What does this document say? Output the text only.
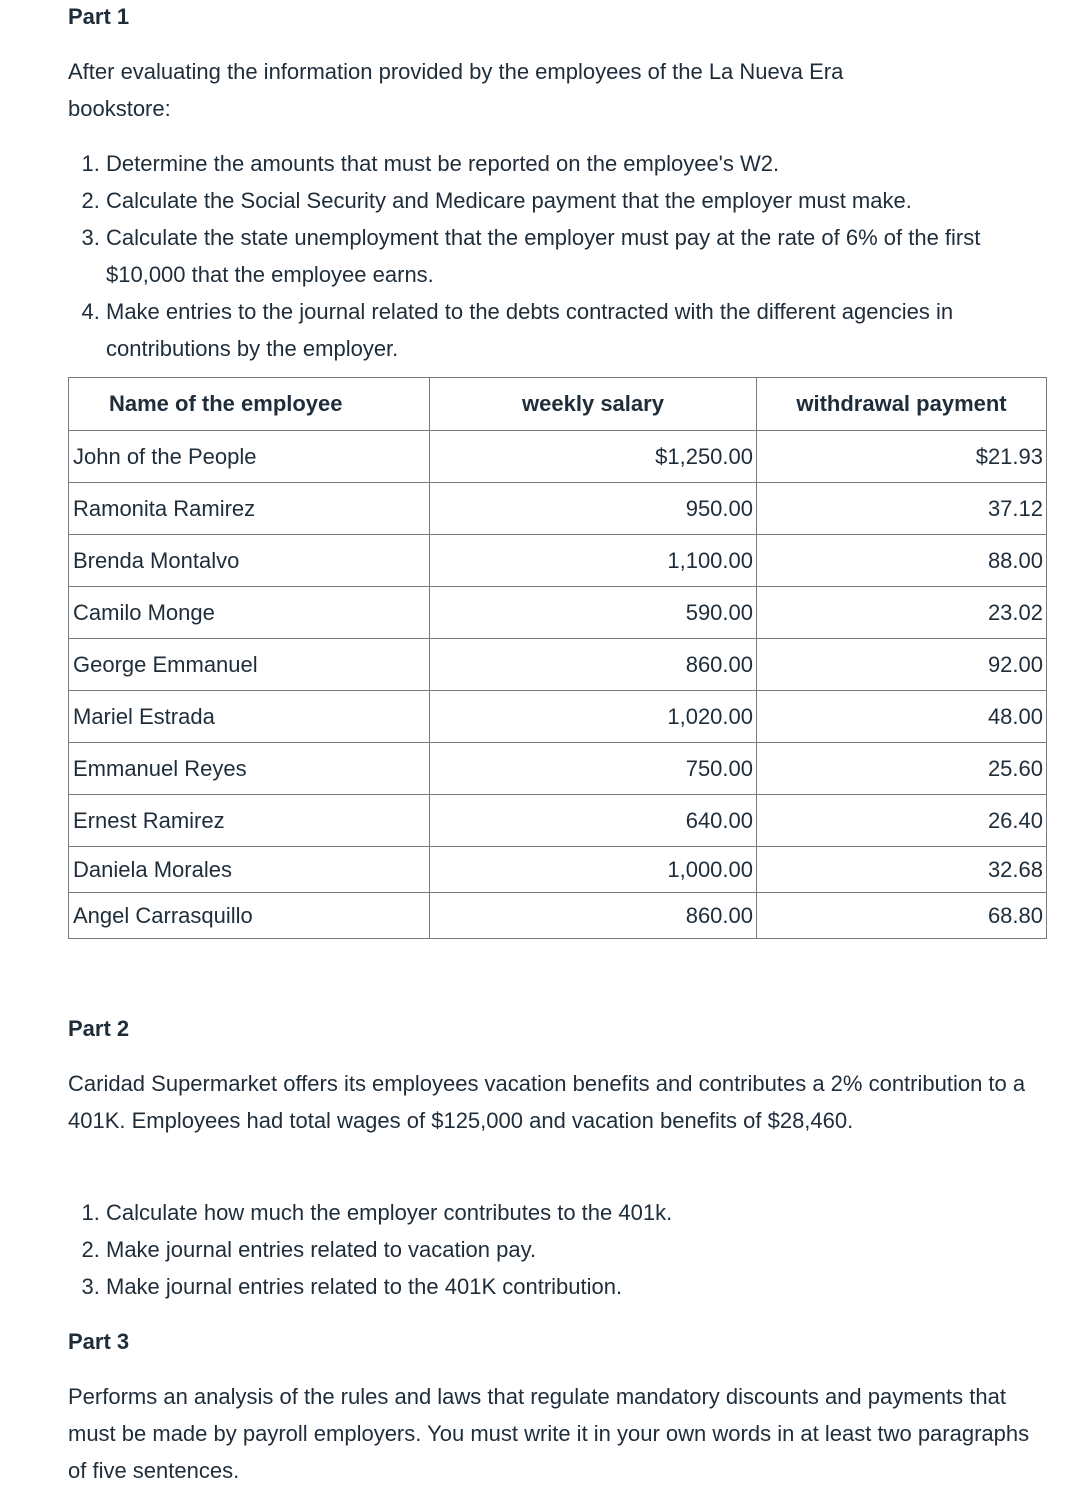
Part 1

After evaluating the information provided by the employees of the La Nueva Era bookstore:

1. Determine the amounts that must be reported on the employee's W2.
2. Calculate the Social Security and Medicare payment that the employer must make.
3. Calculate the state unemployment that the employer must pay at the rate of 6% of the first $10,000 that the employee earns.
4. Make entries to the journal related to the debts contracted with the different agencies in contributions by the employer.
Name of the employee	weekly salary	withdrawal payment
John of the People	$1,250.00	$21.93
Ramonita Ramirez	950.00	37.12
Brenda Montalvo	1,100.00	88.00
Camilo Monge	590.00	23.02
George Emmanuel	860.00	92.00
Mariel Estrada	1,020.00	48.00
Emmanuel Reyes	750.00	25.60
Ernest Ramirez	640.00	26.40
Daniela Morales	1,000.00	32.68
Angel Carrasquillo	860.00	68.80
Part 2

Caridad Supermarket offers its employees vacation benefits and contributes a 2% contribution to a 401K. Employees had total wages of $125,000 and vacation benefits of $28,460.

1. Calculate how much the employer contributes to the 401k.
2. Make journal entries related to vacation pay.
3. Make journal entries related to the 401K contribution.
Part 3

Performs an analysis of the rules and laws that regulate mandatory discounts and payments that must be made by payroll employers. You must write it in your own words in at least two paragraphs of five sentences.
